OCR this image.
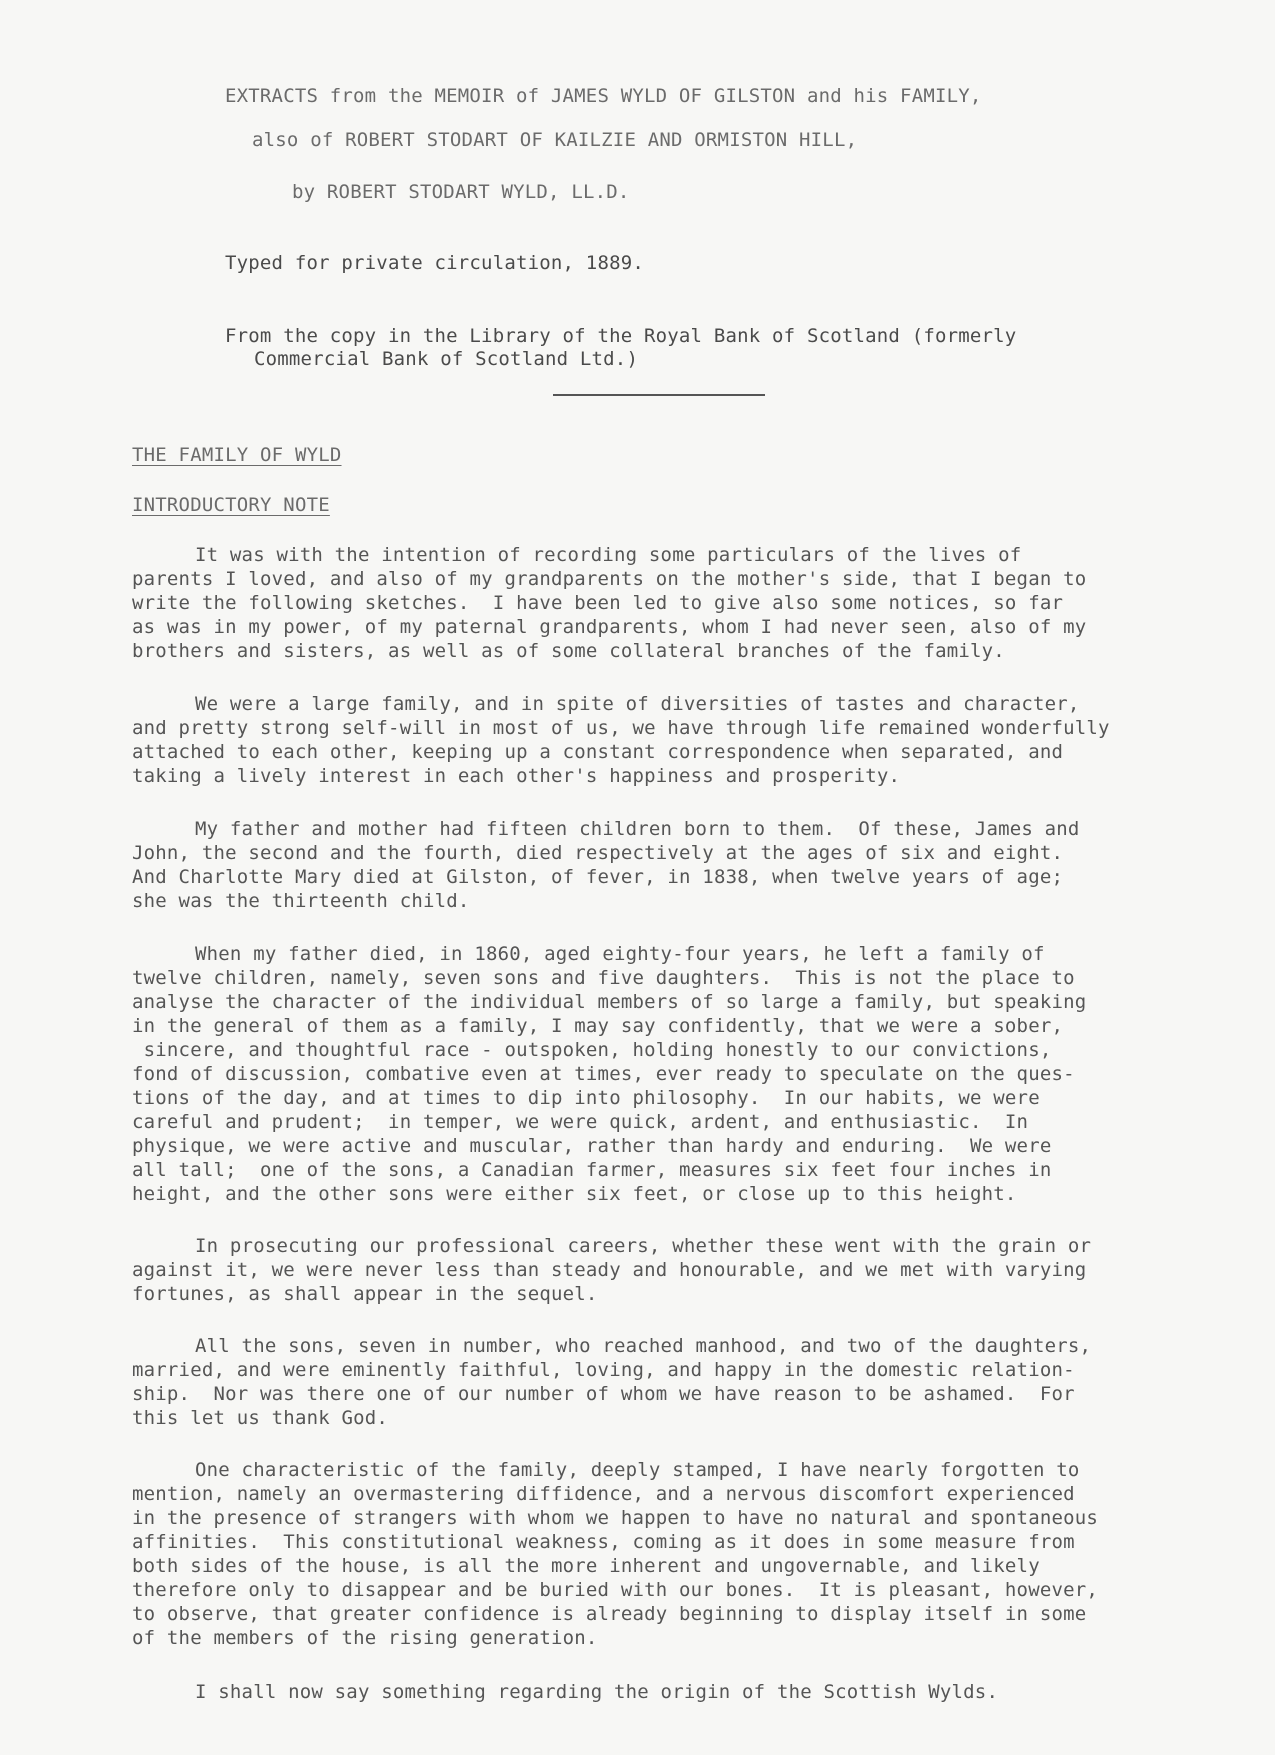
EXTRACTS from the MEMOIR of JAMES WYLD OF GILSTON and his FAMILY,
also of ROBERT STODART OF KAILZIE AND ORMISTON HILL,
by ROBERT STODART WYLD, LL.D.
Typed for private circulation, 1889.
From the copy in the Library of the Royal Bank of Scotland (formerly
Commercial Bank of Scotland Ltd.)
THE FAMILY OF WYLD
INTRODUCTORY NOTE
It was with the intention of recording some particulars of the lives of
parents I loved, and also of my grandparents on the mother's side, that I began to
write the following sketches.  I have been led to give also some notices, so far
as was in my power, of my paternal grandparents, whom I had never seen, also of my
brothers and sisters, as well as of some collateral branches of the family.
We were a large family, and in spite of diversities of tastes and character,
and pretty strong self-will in most of us, we have through life remained wonderfully
attached to each other, keeping up a constant correspondence when separated, and
taking a lively interest in each other's happiness and prosperity.
My father and mother had fifteen children born to them.  Of these, James and
John, the second and the fourth, died respectively at the ages of six and eight.
And Charlotte Mary died at Gilston, of fever, in 1838, when twelve years of age;
she was the thirteenth child.
When my father died, in 1860, aged eighty-four years, he left a family of
twelve children, namely, seven sons and five daughters.  This is not the place to
analyse the character of the individual members of so large a family, but speaking
in the general of them as a family, I may say confidently, that we were a sober,
sincere, and thoughtful race - outspoken, holding honestly to our convictions,
fond of discussion, combative even at times, ever ready to speculate on the ques-
tions of the day, and at times to dip into philosophy.  In our habits, we were
careful and prudent;  in temper, we were quick, ardent, and enthusiastic.  In
physique, we were active and muscular, rather than hardy and enduring.  We were
all tall;  one of the sons, a Canadian farmer, measures six feet four inches in
height, and the other sons were either six feet, or close up to this height.
In prosecuting our professional careers, whether these went with the grain or
against it, we were never less than steady and honourable, and we met with varying
fortunes, as shall appear in the sequel.
All the sons, seven in number, who reached manhood, and two of the daughters,
married, and were eminently faithful, loving, and happy in the domestic relation-
ship.  Nor was there one of our number of whom we have reason to be ashamed.  For
this let us thank God.
One characteristic of the family, deeply stamped, I have nearly forgotten to
mention, namely an overmastering diffidence, and a nervous discomfort experienced
in the presence of strangers with whom we happen to have no natural and spontaneous
affinities.  This constitutional weakness, coming as it does in some measure from
both sides of the house, is all the more inherent and ungovernable, and likely
therefore only to disappear and be buried with our bones.  It is pleasant, however,
to observe, that greater confidence is already beginning to display itself in some
of the members of the rising generation.
I shall now say something regarding the origin of the Scottish Wylds.
